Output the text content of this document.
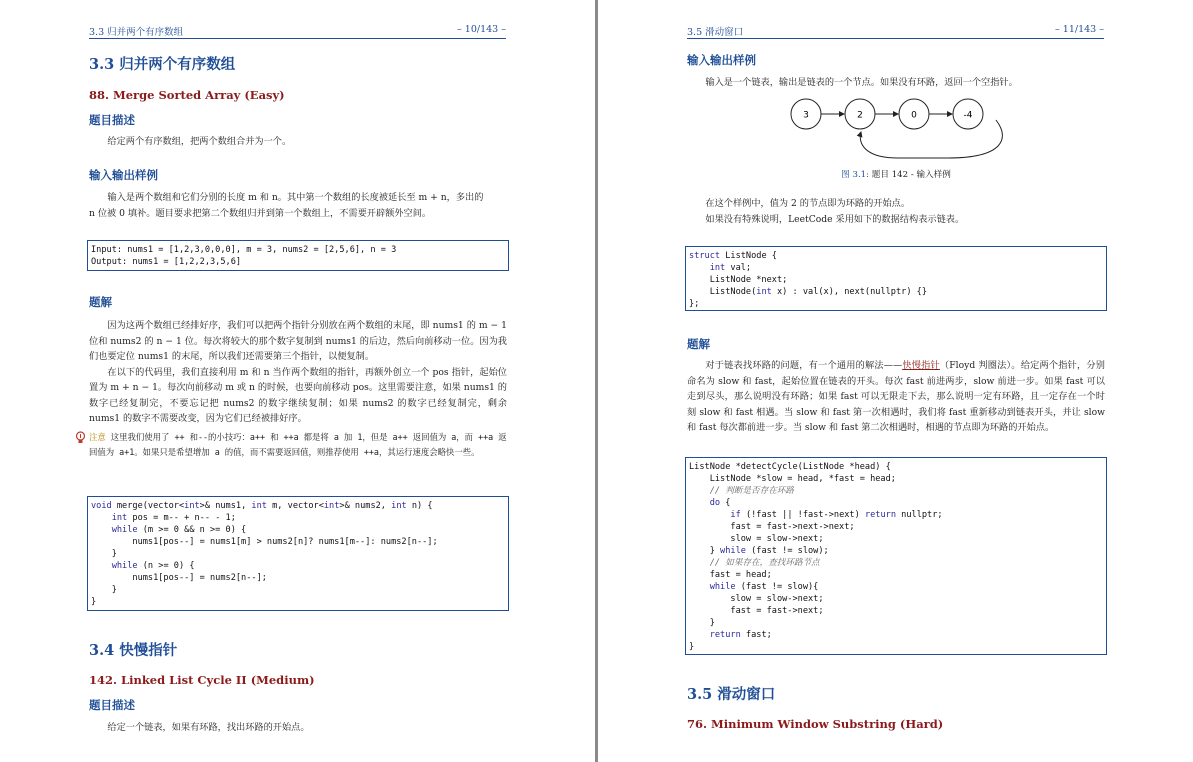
3.3 归并两个有序数组	– 10/143 –
3.3 归并两个有序数组
88. Merge Sorted Array (Easy)
题目描述

给定两个有序数组，把两个数组合并为一个。

输入输出样例

输入是两个数组和它们分别的长度 m 和 n。其中第一个数组的长度被延长至 m + n，多出的

n 位被 0 填补。题目要求把第二个数组归并到第一个数组上，不需要开辟额外空间。

Input: nums1 = [1,2,3,0,0,0], m = 3, nums2 = [2,5,6], n = 3
Output: nums1 = [1,2,2,3,5,6]
题解

因为这两个数组已经排好序，我们可以把两个指针分别放在两个数组的末尾，即 nums1 的 m − 1 位和 nums2 的 n − 1 位。每次将较大的那个数字复制到 nums1 的后边，然后向前移动一位。因为我们也要定位 nums1 的末尾，所以我们还需要第三个指针，以便复制。

在以下的代码里，我们直接利用 m 和 n 当作两个数组的指针，再额外创立一个 pos 指针，起始位置为 m + n − 1。每次向前移动 m 或 n 的时候，也要向前移动 pos。这里需要注意，如果 nums1 的数字已经复制完，不要忘记把 nums2 的数字继续复制；如果 nums2 的数字已经复制完，剩余 nums1 的数字不需要改变，因为它们已经被排好序。

注意 这里我们使用了 ++ 和--的小技巧：a++ 和 ++a 都是将 a 加 1，但是 a++ 返回值为 a，而 ++a 返回值为 a+1。如果只是希望增加 a 的值，而不需要返回值，则推荐使用 ++a，其运行速度会略快一些。
void merge(vector<int>& nums1, int m, vector<int>& nums2, int n) {
int pos = m-- + n-- - 1;
while (m >= 0 && n >= 0) {
nums1[pos--] = nums1[m] > nums2[n]? nums1[m--]: nums2[n--];
}
while (n >= 0) {
nums1[pos--] = nums2[n--];
}
}
3.4 快慢指针
142. Linked List Cycle II (Medium)
题目描述

给定一个链表，如果有环路，找出环路的开始点。

3.5 滑动窗口	– 11/143 –
输入输出样例

输入是一个链表，输出是链表的一个节点。如果没有环路，返回一个空指针。

3	2	0	-4
图 3.1: 题目 142 - 输入样例

在这个样例中，值为 2 的节点即为环路的开始点。

如果没有特殊说明，LeetCode 采用如下的数据结构表示链表。

struct ListNode {
int val;
ListNode *next;
ListNode(int x) : val(x), next(nullptr) {}
};
题解

对于链表找环路的问题，有一个通用的解法——快慢指针（Floyd 判圈法）。给定两个指针，分别命名为 slow 和 fast，起始位置在链表的开头。每次 fast 前进两步，slow 前进一步。如果 fast 可以走到尽头，那么说明没有环路；如果 fast 可以无限走下去，那么说明一定有环路，且一定存在一个时刻 slow 和 fast 相遇。当 slow 和 fast 第一次相遇时，我们将 fast 重新移动到链表开头，并让 slow 和 fast 每次都前进一步。当 slow 和 fast 第二次相遇时，相遇的节点即为环路的开始点。

ListNode *detectCycle(ListNode *head) {
ListNode *slow = head, *fast = head;
// 判断是否存在环路
do {
if (!fast || !fast->next) return nullptr;
fast = fast->next->next;
slow = slow->next;
} while (fast != slow);
// 如果存在，查找环路节点
fast = head;
while (fast != slow){
slow = slow->next;
fast = fast->next;
}
return fast;
}
3.5 滑动窗口
76. Minimum Window Substring (Hard)
